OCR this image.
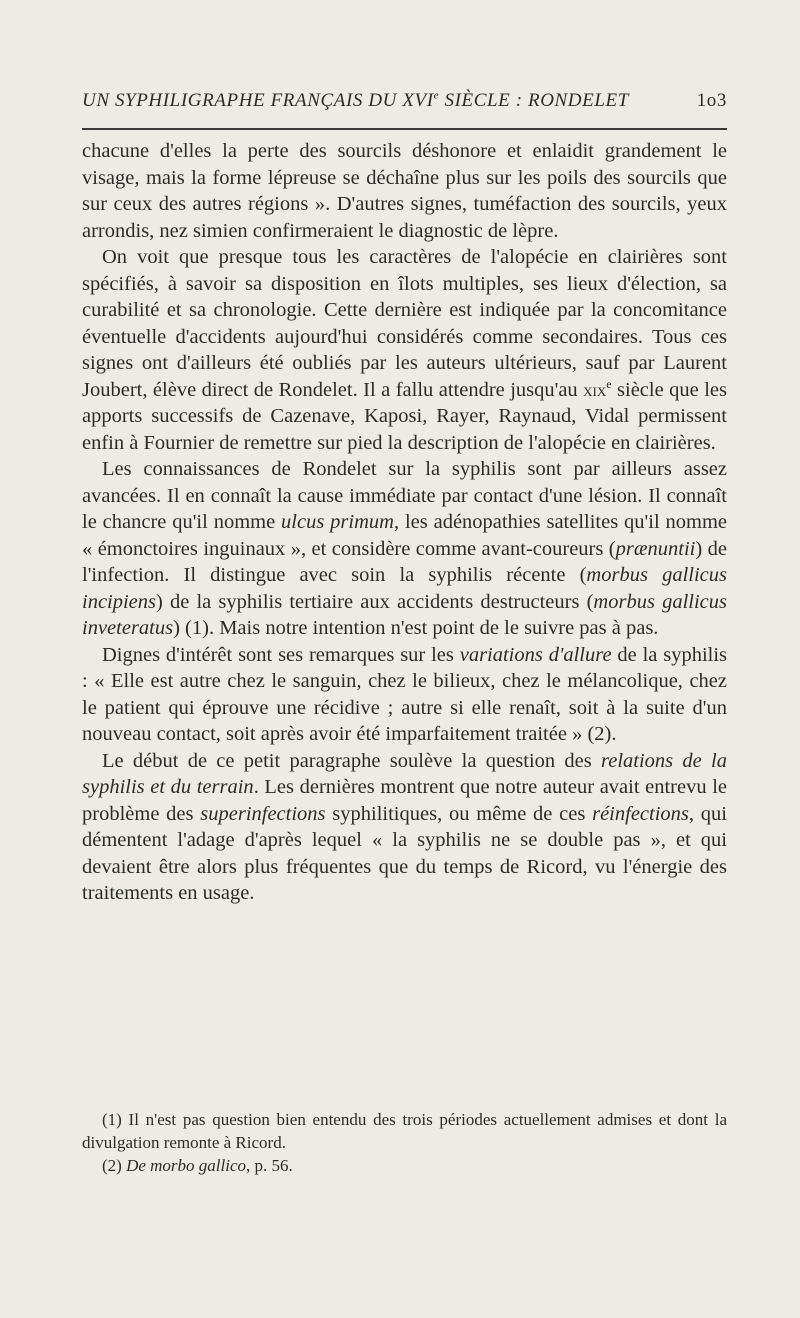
UN SYPHILIGRAPHE FRANÇAIS DU XVIe SIÈCLE : RONDELET	1o3

chacune d'elles la perte des sourcils déshonore et enlaidit grandement le visage, mais la forme lépreuse se déchaîne plus sur les poils des sourcils que sur ceux des autres régions ». D'autres signes, tuméfaction des sourcils, yeux arrondis, nez simien confirmeraient le diagnostic de lèpre.

On voit que presque tous les caractères de l'alopécie en clairières sont spécifiés, à savoir sa disposition en îlots multiples, ses lieux d'élection, sa curabilité et sa chronologie. Cette dernière est indiquée par la concomitance éventuelle d'accidents aujourd'hui considérés comme secondaires. Tous ces signes ont d'ailleurs été oubliés par les auteurs ultérieurs, sauf par Laurent Joubert, élève direct de Rondelet. Il a fallu attendre jusqu'au xix$^e$ siècle que les apports successifs de Cazenave, Kaposi, Rayer, Raynaud, Vidal permissent enfin à Fournier de remettre sur pied la description de l'alopécie en clairières.

Les connaissances de Rondelet sur la syphilis sont par ailleurs assez avancées. Il en connaît la cause immédiate par contact d'une lésion. Il connaît le chancre qu'il nomme ulcus primum, les adénopathies satellites qu'il nomme « émonctoires inguinaux », et considère comme avant-coureurs (prænuntii) de l'infection. Il distingue avec soin la syphilis récente (morbus gallicus incipiens) de la syphilis tertiaire aux accidents destructeurs (morbus gallicus inveteratus) (1). Mais notre intention n'est point de le suivre pas à pas.

Dignes d'intérêt sont ses remarques sur les variations d'allure de la syphilis : « Elle est autre chez le sanguin, chez le bilieux, chez le mélancolique, chez le patient qui éprouve une récidive ; autre si elle renaît, soit à la suite d'un nouveau contact, soit après avoir été imparfaitement traitée » (2).

Le début de ce petit paragraphe soulève la question des relations de la syphilis et du terrain. Les dernières montrent que notre auteur avait entrevu le problème des superinfections syphilitiques, ou même de ces réinfections, qui démentent l'adage d'après lequel « la syphilis ne se double pas », et qui devaient être alors plus fréquentes que du temps de Ricord, vu l'énergie des traitements en usage.

(1) Il n'est pas question bien entendu des trois périodes actuellement admises et dont la divulgation remonte à Ricord.

(2) De morbo gallico, p. 56.
